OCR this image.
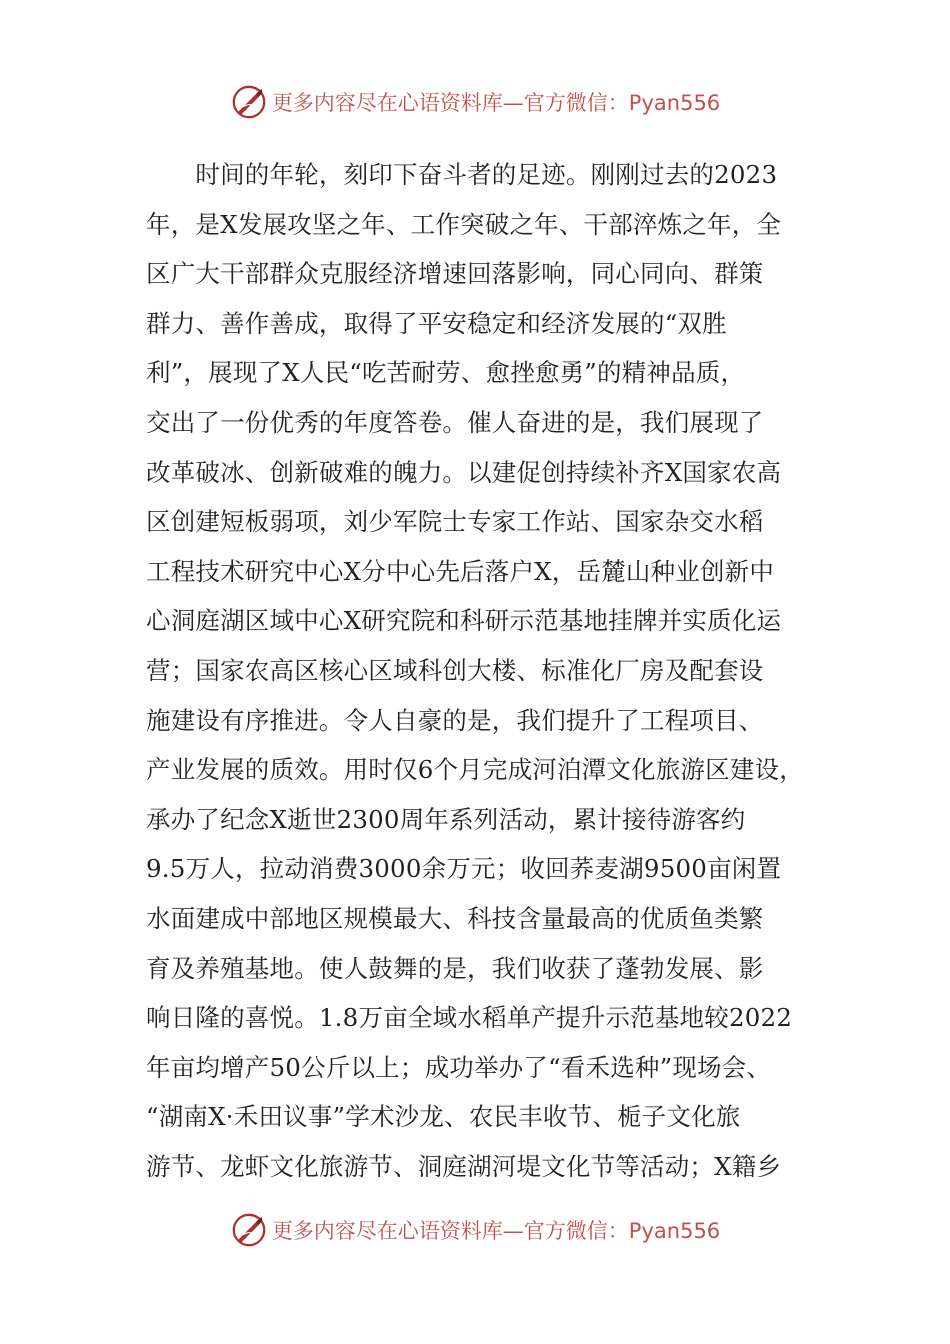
更多内容尽在心语资料库—官方微信：Pyan556
　　时间的年轮，刻印下奋斗者的足迹。刚刚过去的2023
年，是X发展攻坚之年、工作突破之年、干部淬炼之年，全
区广大干部群众克服经济增速回落影响，同心同向、群策
群力、善作善成，取得了平安稳定和经济发展的“双胜
利”，展现了X人民“吃苦耐劳、愈挫愈勇”的精神品质，
交出了一份优秀的年度答卷。催人奋进的是，我们展现了
改革破冰、创新破难的魄力。以建促创持续补齐X国家农高
区创建短板弱项，刘少军院士专家工作站、国家杂交水稻
工程技术研究中心X分中心先后落户X，岳麓山种业创新中
心洞庭湖区域中心X研究院和科研示范基地挂牌并实质化运
营；国家农高区核心区域科创大楼、标准化厂房及配套设
施建设有序推进。令人自豪的是，我们提升了工程项目、
产业发展的质效。用时仅6个月完成河泊潭文化旅游区建设，
承办了纪念X逝世2300周年系列活动，累计接待游客约
9.5万人，拉动消费3000余万元；收回荞麦湖9500亩闲置
水面建成中部地区规模最大、科技含量最高的优质鱼类繁
育及养殖基地。使人鼓舞的是，我们收获了蓬勃发展、影
响日隆的喜悦。1.8万亩全域水稻单产提升示范基地较2022
年亩均增产50公斤以上；成功举办了“看禾选种”现场会、
“湖南X·禾田议事”学术沙龙、农民丰收节、栀子文化旅
游节、龙虾文化旅游节、洞庭湖河堤文化节等活动；X籍乡
更多内容尽在心语资料库—官方微信：Pyan556
